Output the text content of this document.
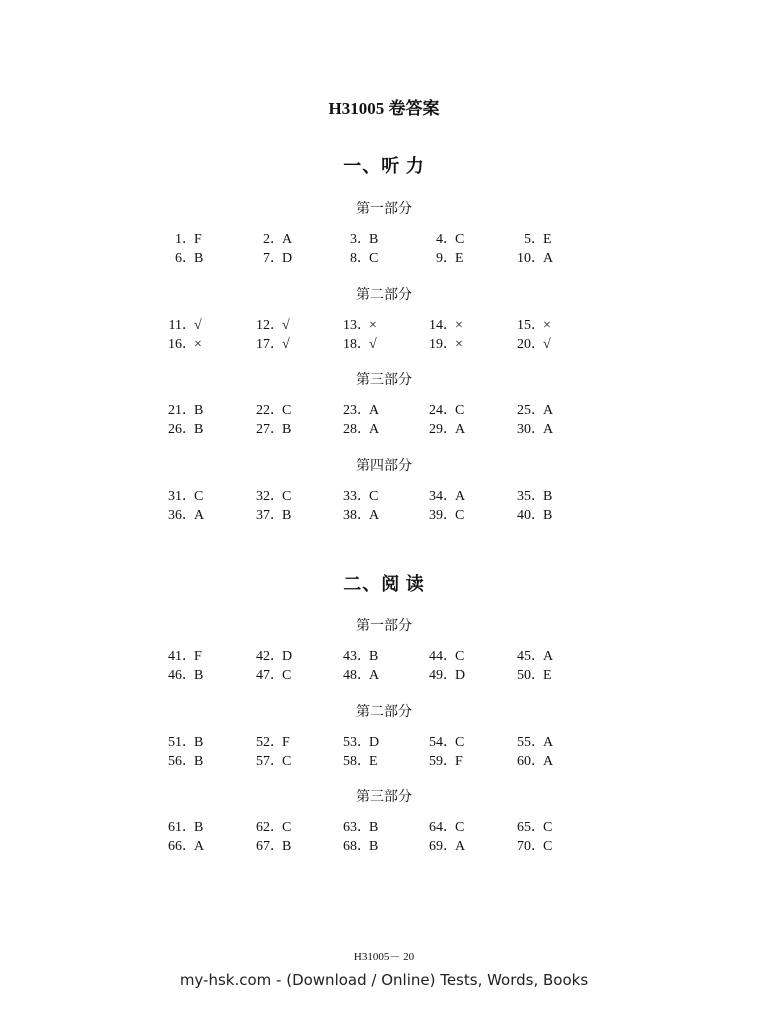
H31005 卷答案
一、听 力
二、阅 读
第一部分
1．F	2．A	3．B	4．C	5．E
6．B	7．D	8．C	9．E	10．A
第二部分
11．√	12．√	13．×	14．×	15．×
16．×	17．√	18．√	19．×	20．√
第三部分
21．B	22．C	23．A	24．C	25．A
26．B	27．B	28．A	29．A	30．A
第四部分
31．C	32．C	33．C	34．A	35．B
36．A	37．B	38．A	39．C	40．B
第一部分
41．F	42．D	43．B	44．C	45．A
46．B	47．C	48．A	49．D	50．E
第二部分
51．B	52．F	53．D	54．C	55．A
56．B	57．C	58．E	59．F	60．A
第三部分
61．B	62．C	63．B	64．C	65．C
66．A	67．B	68．B	69．A	70．C
H31005－ 20
my-hsk.com - (Download / Online) Tests, Words, Books
